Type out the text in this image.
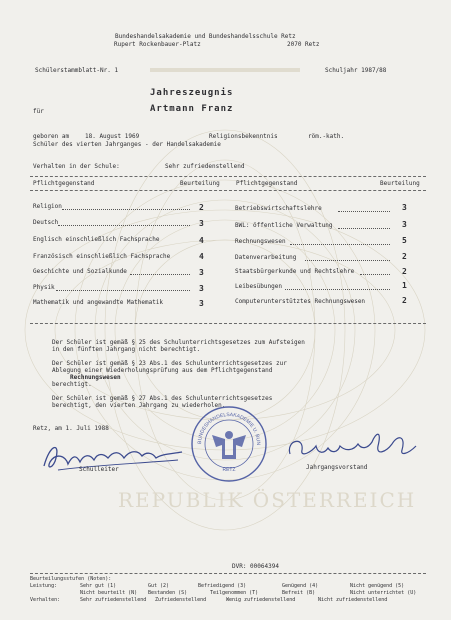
REPUBLIK ÖSTERREICH
Bundeshandelsakademie und Bundeshandelsschule Retz
Rupert Rockenbauer-Platz	2070 Retz
Schülerstammblatt-Nr. 1	Schuljahr 1987/88
Jahreszeugnis
für	Artmann Franz
geboren am	18. August 1969	Religionsbekenntnis	röm.-kath.
Schüler des vierten Jahrganges - der Handelsakademie
Verhalten in der Schule:	Sehr zufriedenstellend
Pflichtgegenstand	Beurteilung	Pflichtgegenstand	Beurteilung
Religion	2
Deutsch	3
Englisch einschließlich Fachsprache	4
Französisch einschließlich Fachsprache	4
Geschichte und Sozialkunde	3
Physik	3
Mathematik und angewandte Mathematik	3
Betriebswirtschaftslehre	3
BWL: öffentliche Verwaltung	3
Rechnungswesen	5
Datenverarbeitung	2
Staatsbürgerkunde und Rechtslehre	2
Leibesübungen	1
Computerunterstütztes Rechnungswesen	2
Der Schüler ist gemäß § 25 des Schulunterrichtsgesetzes zum Aufsteigen
in den fünften Jahrgang nicht berechtigt.
Der Schüler ist gemäß § 23 Abs.1 des Schulunterrichtsgesetzes zur
Ablegung einer Wiederholungsprüfung aus dem Pflichtgegenstand
Rechnungswesen
berechtigt.
Der Schüler ist gemäß § 27 Abs.1 des Schulunterrichtsgesetzes
berechtigt, den vierten Jahrgang zu wiederholen.
Retz, am 1. Juli 1988
Schulleiter
BUNDESHANDELSAKADEMIE U. BUN
RETZ	Jahrgangsvorstand
DVR: 00064394
Beurteilungsstufen (Noten):
Leistung:	Sehr gut (1)	Gut (2)	Befriedigend (3)	Genügend (4)	Nicht genügend (5)
Nicht beurteilt (N) Bestanden (S)	Teilgenommen (T)	Befreit (B)	Nicht unterrichtet (U)
Verhalten:	Sehr zufriedenstellend Zufriedenstellend	Wenig zufriedenstellend	Nicht zufriedenstellend
